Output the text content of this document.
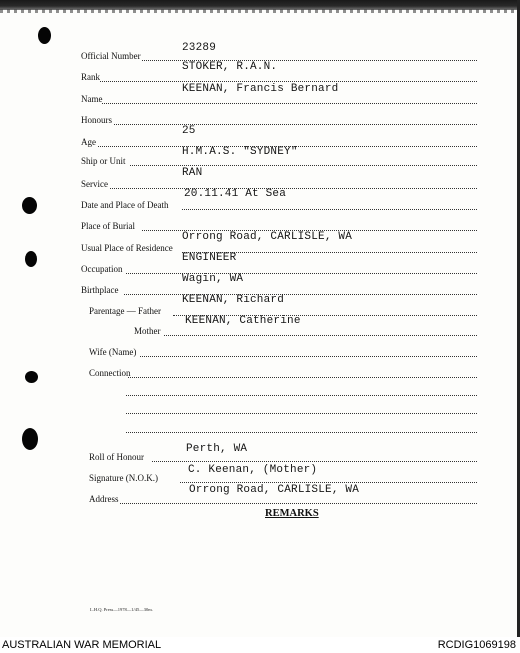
Official Number
23289
Rank
STOKER, R.A.N.
Name
KEENAN, Francis Bernard
Honours
Age
25
Ship or Unit
H.M.A.S. "SYDNEY"
Service
RAN
Date and Place of Death
20.11.41 At Sea
Place of Burial
Usual Place of Residence
Orrong Road, CARLISLE, WA
Occupation
ENGINEER
Birthplace
Wagin, WA
Parentage — Father
KEENAN, Richard
Mother
KEENAN, Catherine
Wife (Name)
Connection
Roll of Honour
Perth, WA
Signature (N.O.K.)
C. Keenan, (Mother)
Address
Orrong Road, CARLISLE, WA
REMARKS
L.H.Q. Press—1978—1/45—30m.
AUSTRALIAN WAR MEMORIAL	RCDIG1069198
